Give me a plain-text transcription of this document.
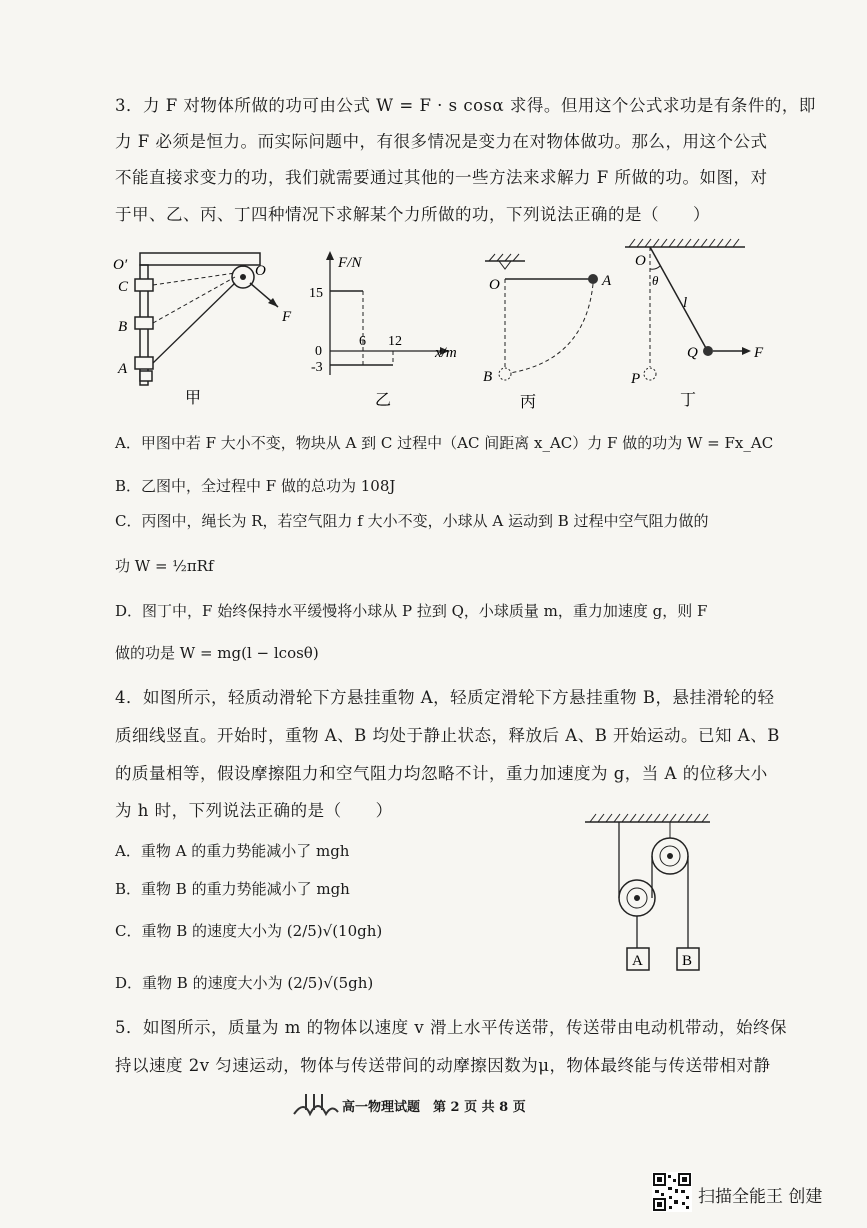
3．力 F 对物体所做的功可由公式 W = F · s cosα 求得。但用这个公式求功是有条件的，即
力 F 必须是恒力。而实际问题中，有很多情况是变力在对物体做功。那么，用这个公式
不能直接求变力的功，我们就需要通过其他的一些方法来求解力 F 所做的功。如图，对
于甲、乙、丙、丁四种情况下求解某个力所做的功，下列说法正确的是（　　）
O′	O
C
B
A
F
甲
F/N
15
0
-3
6 12
x/m
乙
O	A
B
丙
O
θ
l
Q	F
P
丁
A．甲图中若 F 大小不变，物块从 A 到 C 过程中（AC 间距离 x_AC）力 F 做的功为 W = Fx_AC
B．乙图中，全过程中 F 做的总功为 108J
C．丙图中，绳长为 R，若空气阻力 f 大小不变，小球从 A 运动到 B 过程中空气阻力做的
功 W = ½πRf
D．图丁中，F 始终保持水平缓慢将小球从 P 拉到 Q，小球质量 m，重力加速度 g，则 F
做的功是 W = mg(l − lcosθ)
4．如图所示，轻质动滑轮下方悬挂重物 A，轻质定滑轮下方悬挂重物 B，悬挂滑轮的轻
质细线竖直。开始时，重物 A、B 均处于静止状态，释放后 A、B 开始运动。已知 A、B
的质量相等，假设摩擦阻力和空气阻力均忽略不计，重力加速度为 g，当 A 的位移大小
为 h 时，下列说法正确的是（　　）
A．重物 A 的重力势能减小了 mgh
B．重物 B 的重力势能减小了 mgh
C．重物 B 的速度大小为 (2/5)√(10gh)
D．重物 B 的速度大小为 (2/5)√(5gh)
A	B
5．如图所示，质量为 m 的物体以速度 v 滑上水平传送带，传送带由电动机带动，始终保
持以速度 2v 匀速运动，物体与传送带间的动摩擦因数为μ，物体最终能与传送带相对静
高一物理试题　第 2 页 共 8 页
扫描全能王 创建
